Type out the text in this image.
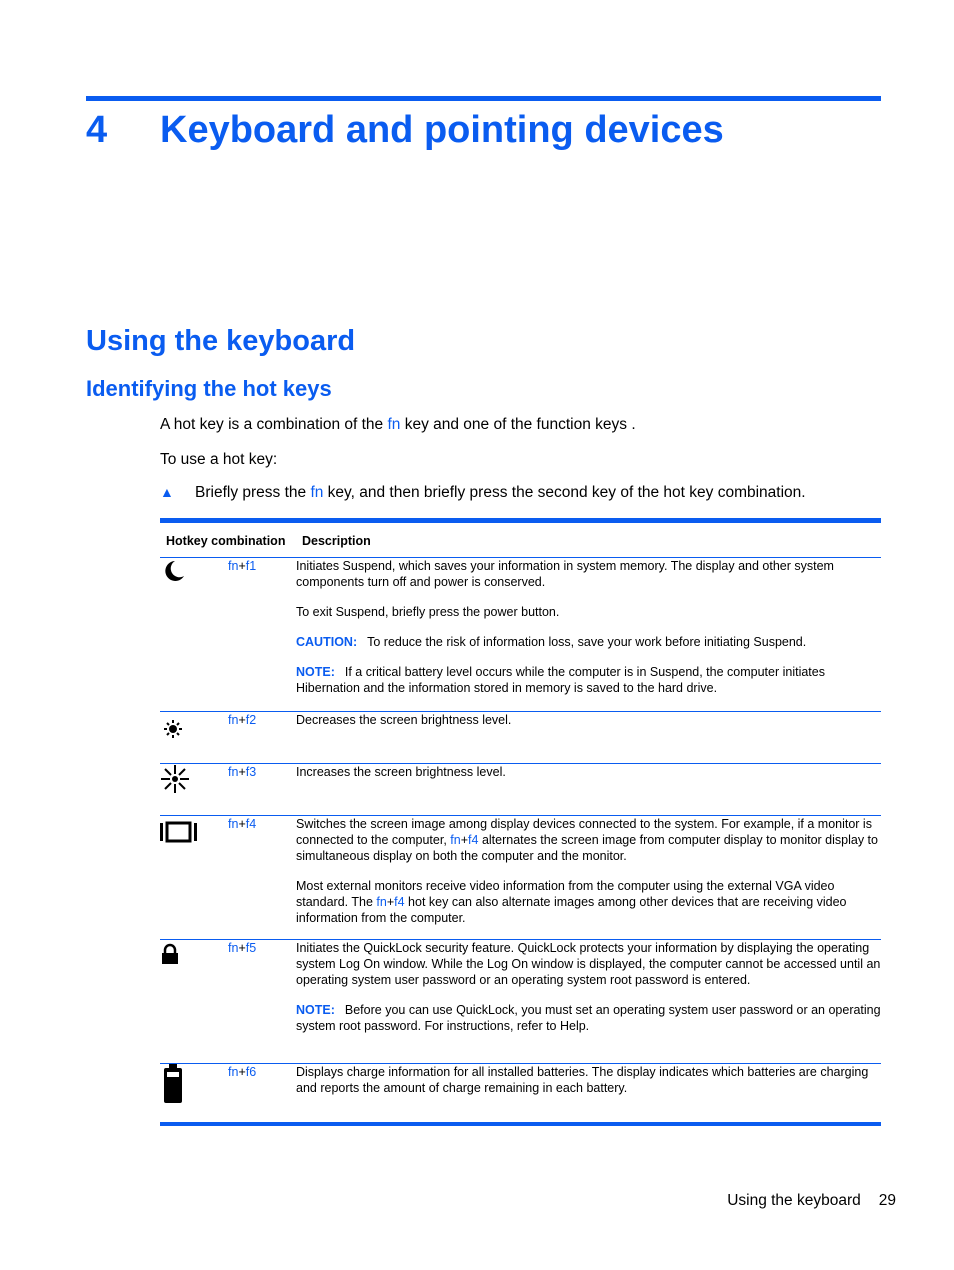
4 Keyboard and pointing devices
Using the keyboard
Identifying the hot keys

A hot key is a combination of the fn key and one of the function keys .

To use a hot key:

▲ Briefly press the fn key, and then briefly press the second key of the hot key combination.
Hotkey combination		Description
	fn+f1	Initiates Suspend, which saves your information in system memory. The display and other system components turn off and power is conserved.

To exit Suspend, briefly press the power button.

CAUTION: To reduce the risk of information loss, save your work before initiating Suspend.

NOTE: If a critical battery level occurs while the computer is in Suspend, the computer initiates Hibernation and the information stored in memory is saved to the hard drive.

	fn+f2	Decreases the screen brightness level.

	fn+f3	Increases the screen brightness level.

	fn+f4	Switches the screen image among display devices connected to the system. For example, if a monitor is connected to the computer, fn+f4 alternates the screen image from computer display to monitor display to simultaneous display on both the computer and the monitor.

Most external monitors receive video information from the computer using the external VGA video standard. The fn+f4 hot key can also alternate images among other devices that are receiving video information from the computer.

	fn+f5	Initiates the QuickLock security feature. QuickLock protects your information by displaying the operating system Log On window. While the Log On window is displayed, the computer cannot be accessed until an operating system user password or an operating system root password is entered.

NOTE: Before you can use QuickLock, you must set an operating system user password or an operating system root password. For instructions, refer to Help.

	fn+f6	Displays charge information for all installed batteries. The display indicates which batteries are charging and reports the amount of charge remaining in each battery.

Using the keyboard 29
